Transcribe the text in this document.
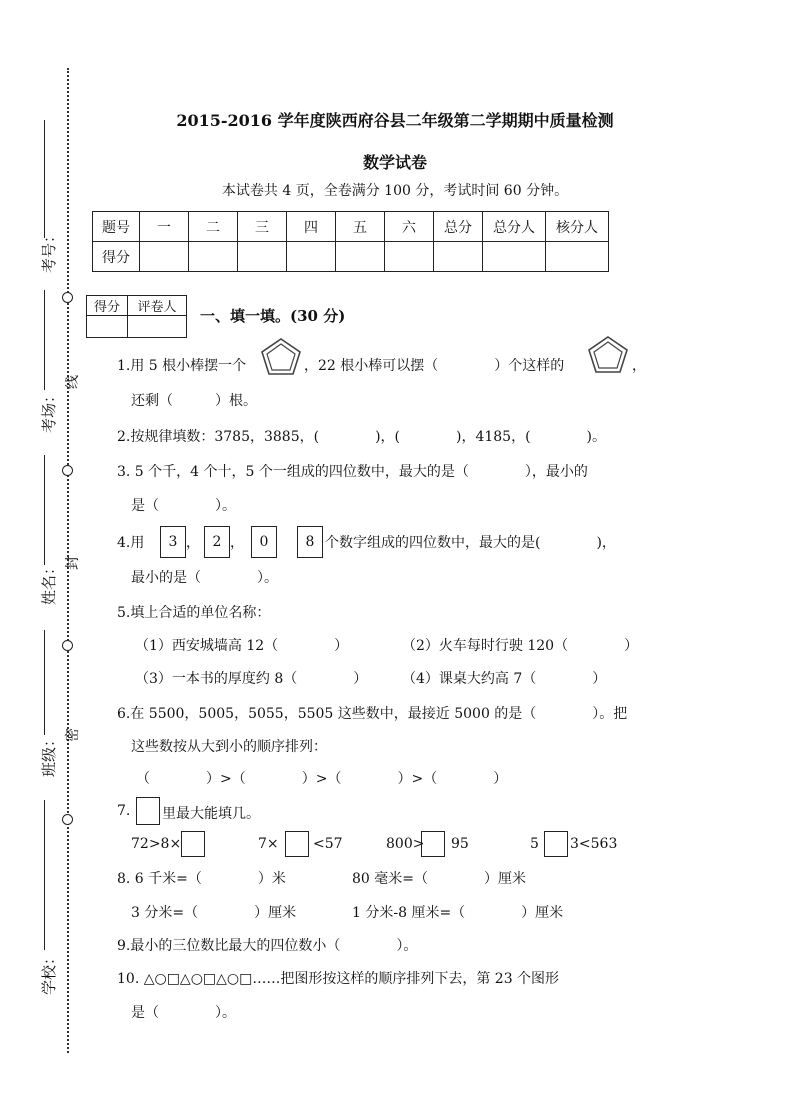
线
封
密
考号：
考场：
姓名：
班级：
学校：
2015-2016 学年度陕西府谷县二年级第二学期期中质量检测
数学试卷
本试卷共 4 页，全卷满分 100 分，考试时间 60 分钟。
题号	一	二	三	四	五	六	总分	总分人	核分人
得分									
得分	评卷人
	一、填一填。(30 分)
1.用 5 根小棒摆一个	，22 根小棒可以摆（　　　　）个这样的	，
还剩（　　　）根。
2.按规律填数：3785，3885，(　　　　)，(　　　　)，4185，(　　　　)。
3. 5 个千，4 个十，5 个一组成的四位数中，最大的是（　　　　），最小的
是（　　　　）。
4.用	3 ， 2 ，	0	8 个数字组成的四位数中，最大的是(　　　　)，
最小的是（　　　　）。
5.填上合适的单位名称：
（1）西安城墙高 12（　　　　）	（2）火车每时行驶 120（　　　　）
（3）一本书的厚度约 8（　　　　） （4）课桌大约高 7（　　　　）
6.在 5500，5005，5055，5505 这些数中，最接近 5000 的是（　　　　）。把
这些数按从大到小的顺序排列：
（　　　　）>（　　　　）>（　　　　）>（　　　　）
7. 里最大能填几。
72>8×	7× <57	800> 95	5 3<563
8. 6 千米=（　　　　）米	80 毫米=（　　　　）厘米
3 分米=（　　　　）厘米	1 分米-8 厘米=（　　　　）厘米
9.最小的三位数比最大的四位数小（　　　　）。
10. △○□△○□△○□……把图形按这样的顺序排列下去，第 23 个图形
是（　　　　）。
